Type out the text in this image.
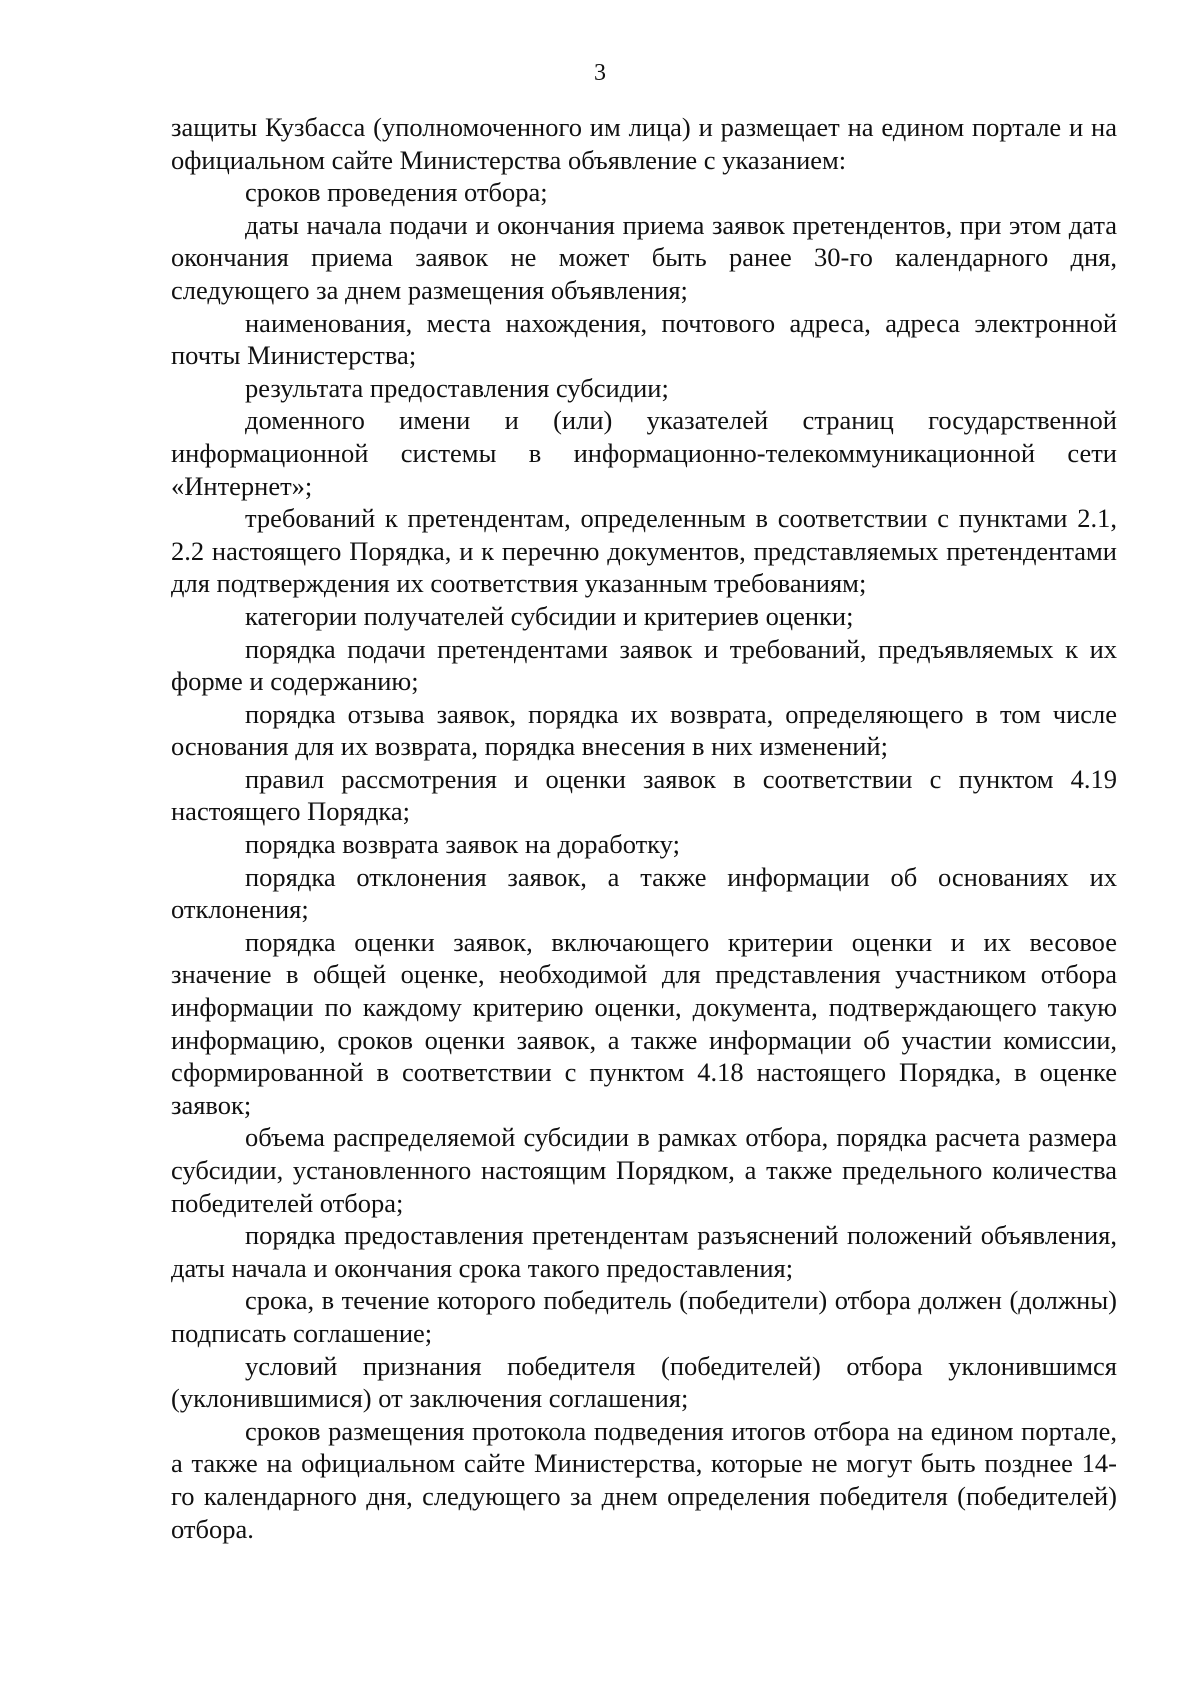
3

защиты Кузбасса (уполномоченного им лица) и размещает на едином портале и на официальном сайте Министерства объявление с указанием:

сроков проведения отбора;

даты начала подачи и окончания приема заявок претендентов, при этом дата окончания приема заявок не может быть ранее 30-го календарного дня, следующего за днем размещения объявления;

наименования, места нахождения, почтового адреса, адреса электронной почты Министерства;

результата предоставления субсидии;

доменного имени и (или) указателей страниц государственной информационной системы в информационно-телекоммуникационной сети «Интернет»;

требований к претендентам, определенным в соответствии с пунктами 2.1, 2.2 настоящего Порядка, и к перечню документов, представляемых претендентами для подтверждения их соответствия указанным требованиям;

категории получателей субсидии и критериев оценки;

порядка подачи претендентами заявок и требований, предъявляемых к их форме и содержанию;

порядка отзыва заявок, порядка их возврата, определяющего в том числе основания для их возврата, порядка внесения в них изменений;

правил рассмотрения и оценки заявок в соответствии с пунктом 4.19 настоящего Порядка;

порядка возврата заявок на доработку;

порядка отклонения заявок, а также информации об основаниях их отклонения;

порядка оценки заявок, включающего критерии оценки и их весовое значение в общей оценке, необходимой для представления участником отбора информации по каждому критерию оценки, документа, подтверждающего такую информацию, сроков оценки заявок, а также информации об участии комиссии, сформированной в соответствии с пунктом 4.18 настоящего Порядка, в оценке заявок;

объема распределяемой субсидии в рамках отбора, порядка расчета размера субсидии, установленного настоящим Порядком, а также предельного количества победителей отбора;

порядка предоставления претендентам разъяснений положений объявления, даты начала и окончания срока такого предоставления;

срока, в течение которого победитель (победители) отбора должен (должны) подписать соглашение;

условий признания победителя (победителей) отбора уклонившимся (уклонившимися) от заключения соглашения;

сроков размещения протокола подведения итогов отбора на едином портале, а также на официальном сайте Министерства, которые не могут быть позднее 14-го календарного дня, следующего за днем определения победителя (победителей) отбора.
